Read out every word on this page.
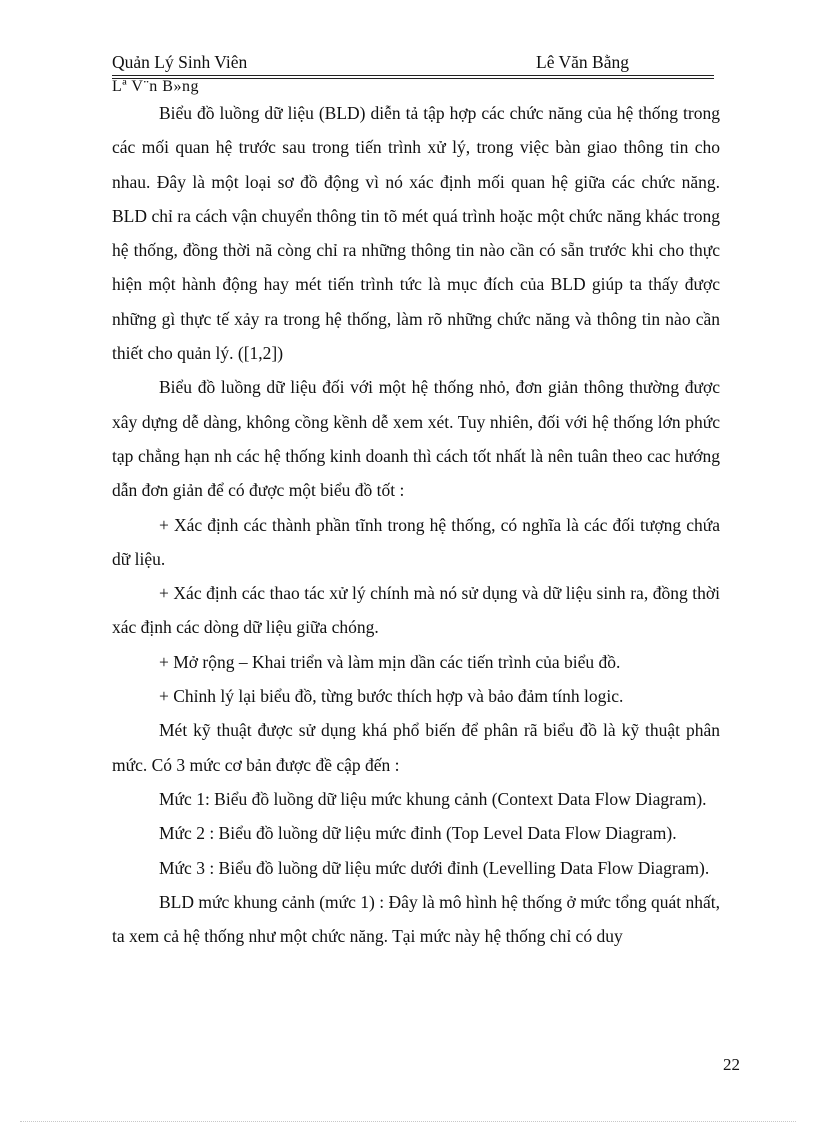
Quản Lý Sinh Viên	Lê Văn Bằng
Lª V¨n B»ng

Biểu đồ luồng dữ liệu (BLD) diễn tả tập hợp các chức năng của hệ thống trong các mối quan hệ trước sau trong tiến trình xử lý, trong việc bàn giao thông tin cho nhau. Đây là một loại sơ đồ động vì nó xác định mối quan hệ giữa các chức năng. BLD chỉ ra cách vận chuyển thông tin tõ mét quá trình hoặc một chức năng khác trong hệ thống, đồng thời nã còng chỉ ra những thông tin nào cần có sẵn trước khi cho thực hiện một hành động hay mét tiến trình tức là mục đích của BLD giúp ta thấy được những gì thực tế xảy ra trong hệ thống, làm rõ những chức năng và thông tin nào cần thiết cho quản lý. ([1,2])

Biểu đồ luồng dữ liệu đối với một hệ thống nhỏ, đơn giản thông thường được xây dựng dễ dàng, không cồng kềnh dễ xem xét. Tuy nhiên, đối với hệ thống lớn phức tạp chẳng hạn nh các hệ thống kinh doanh thì cách tốt nhất là nên tuân theo cac hướng dẫn đơn giản để có được một biểu đồ tốt :

+ Xác định các thành phần tĩnh trong hệ thống, có nghĩa là các đối tượng chứa dữ liệu.

+ Xác định các thao tác xử lý chính mà nó sử dụng và dữ liệu sinh ra, đồng thời xác định các dòng dữ liệu giữa chóng.

+ Mở rộng – Khai triển và làm mịn dần các tiến trình của biểu đồ.

+ Chỉnh lý lại biểu đồ, từng bước thích hợp và bảo đảm tính logic.

Mét kỹ thuật được sử dụng khá phổ biến để phân rã biểu đồ là kỹ thuật phân mức. Có 3 mức cơ bản được đề cập đến :

Mức 1: Biểu đồ luồng dữ liệu mức khung cảnh (Context Data Flow Diagram).

Mức 2 : Biểu đồ luồng dữ liệu mức đỉnh (Top Level Data Flow Diagram).

Mức 3 : Biểu đồ luồng dữ liệu mức dưới đỉnh (Levelling Data Flow Diagram).

BLD mức khung cảnh (mức 1) : Đây là mô hình hệ thống ở mức tổng quát nhất, ta xem cả hệ thống như một chức năng. Tại mức này hệ thống chỉ có duy

22
